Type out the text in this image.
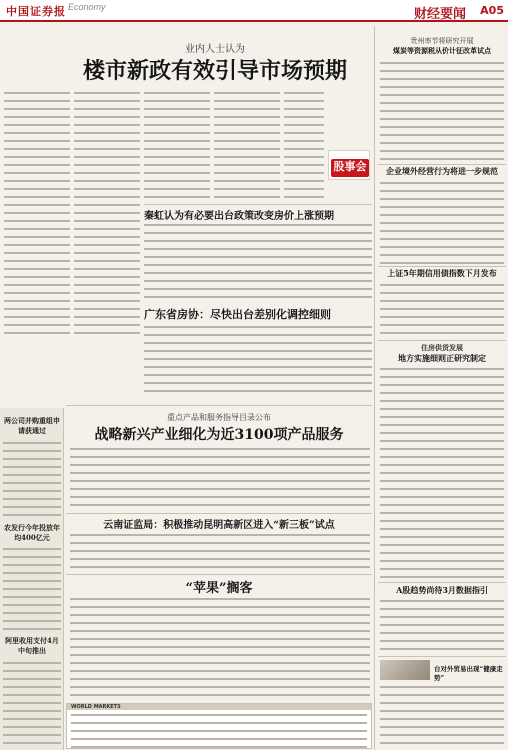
中国证券报 Economy	财经要闻 A05
业内人士认为
楼市新政有效引导市场预期
股事会
秦虹认为有必要出台政策改变房价上涨预期
广东省房协：尽快出台差别化调控细则
重点产品和服务指导目录公布
战略新兴产业细化为近3100项产品服务
云南证监局：积极推动昆明高新区进入“新三板”试点
“苹果”搁客
WORLD MARKETS
两公司并购重组申请获通过
农发行今年投放年均400亿元
阿里收用支付4月中旬推出
贵州率节将研究开展
煤炭等资源税从价计征改革试点
企业境外经营行为将进一步规范
上证5年期信用债指数下月发布
住房供货发展
地方实施细则正研究制定
A股趋势尚待3月数据指引
台对外贸易出现“健康走势”
